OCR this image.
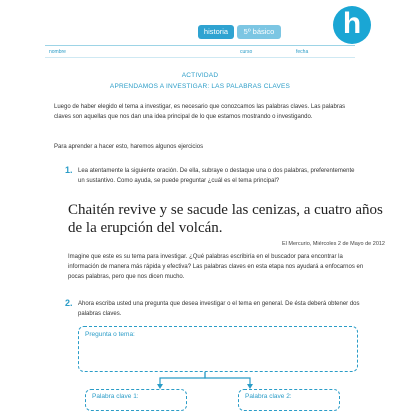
historia	5º básico	h
nombre	curso	fecha
ACTIVIDAD
APRENDAMOS A INVESTIGAR: LAS PALABRAS CLAVES
Luego de haber elegido el tema a investigar, es necesario que conozcamos las palabras claves. Las palabras claves son aquellas que nos dan una idea principal de lo que estamos mostrando o investigando.
Para aprender a hacer esto, haremos algunos ejercicios
1. Lea atentamente la siguiente oración. De ella, subraye o destaque una o dos palabras, preferentemente un sustantivo. Como ayuda, se puede preguntar ¿cuál es el tema principal?
Chaitén revive y se sacude las cenizas, a cuatro años de la erupción del volcán.
El Mercurio, Miércoles 2 de Mayo de 2012
Imagine que este es su tema para investigar. ¿Qué palabras escribiría en el buscador para encontrar la información de manera más rápida y efectiva? Las palabras claves en esta etapa nos ayudará a enfocarnos en pocas palabras, pero que nos dicen mucho.
2. Ahora escriba usted una pregunta que desea investigar o el tema en general. De ésta deberá obtener dos palabras claves.
Pregunta o tema:
Palabra clave 1:	Palabra clave 2:
